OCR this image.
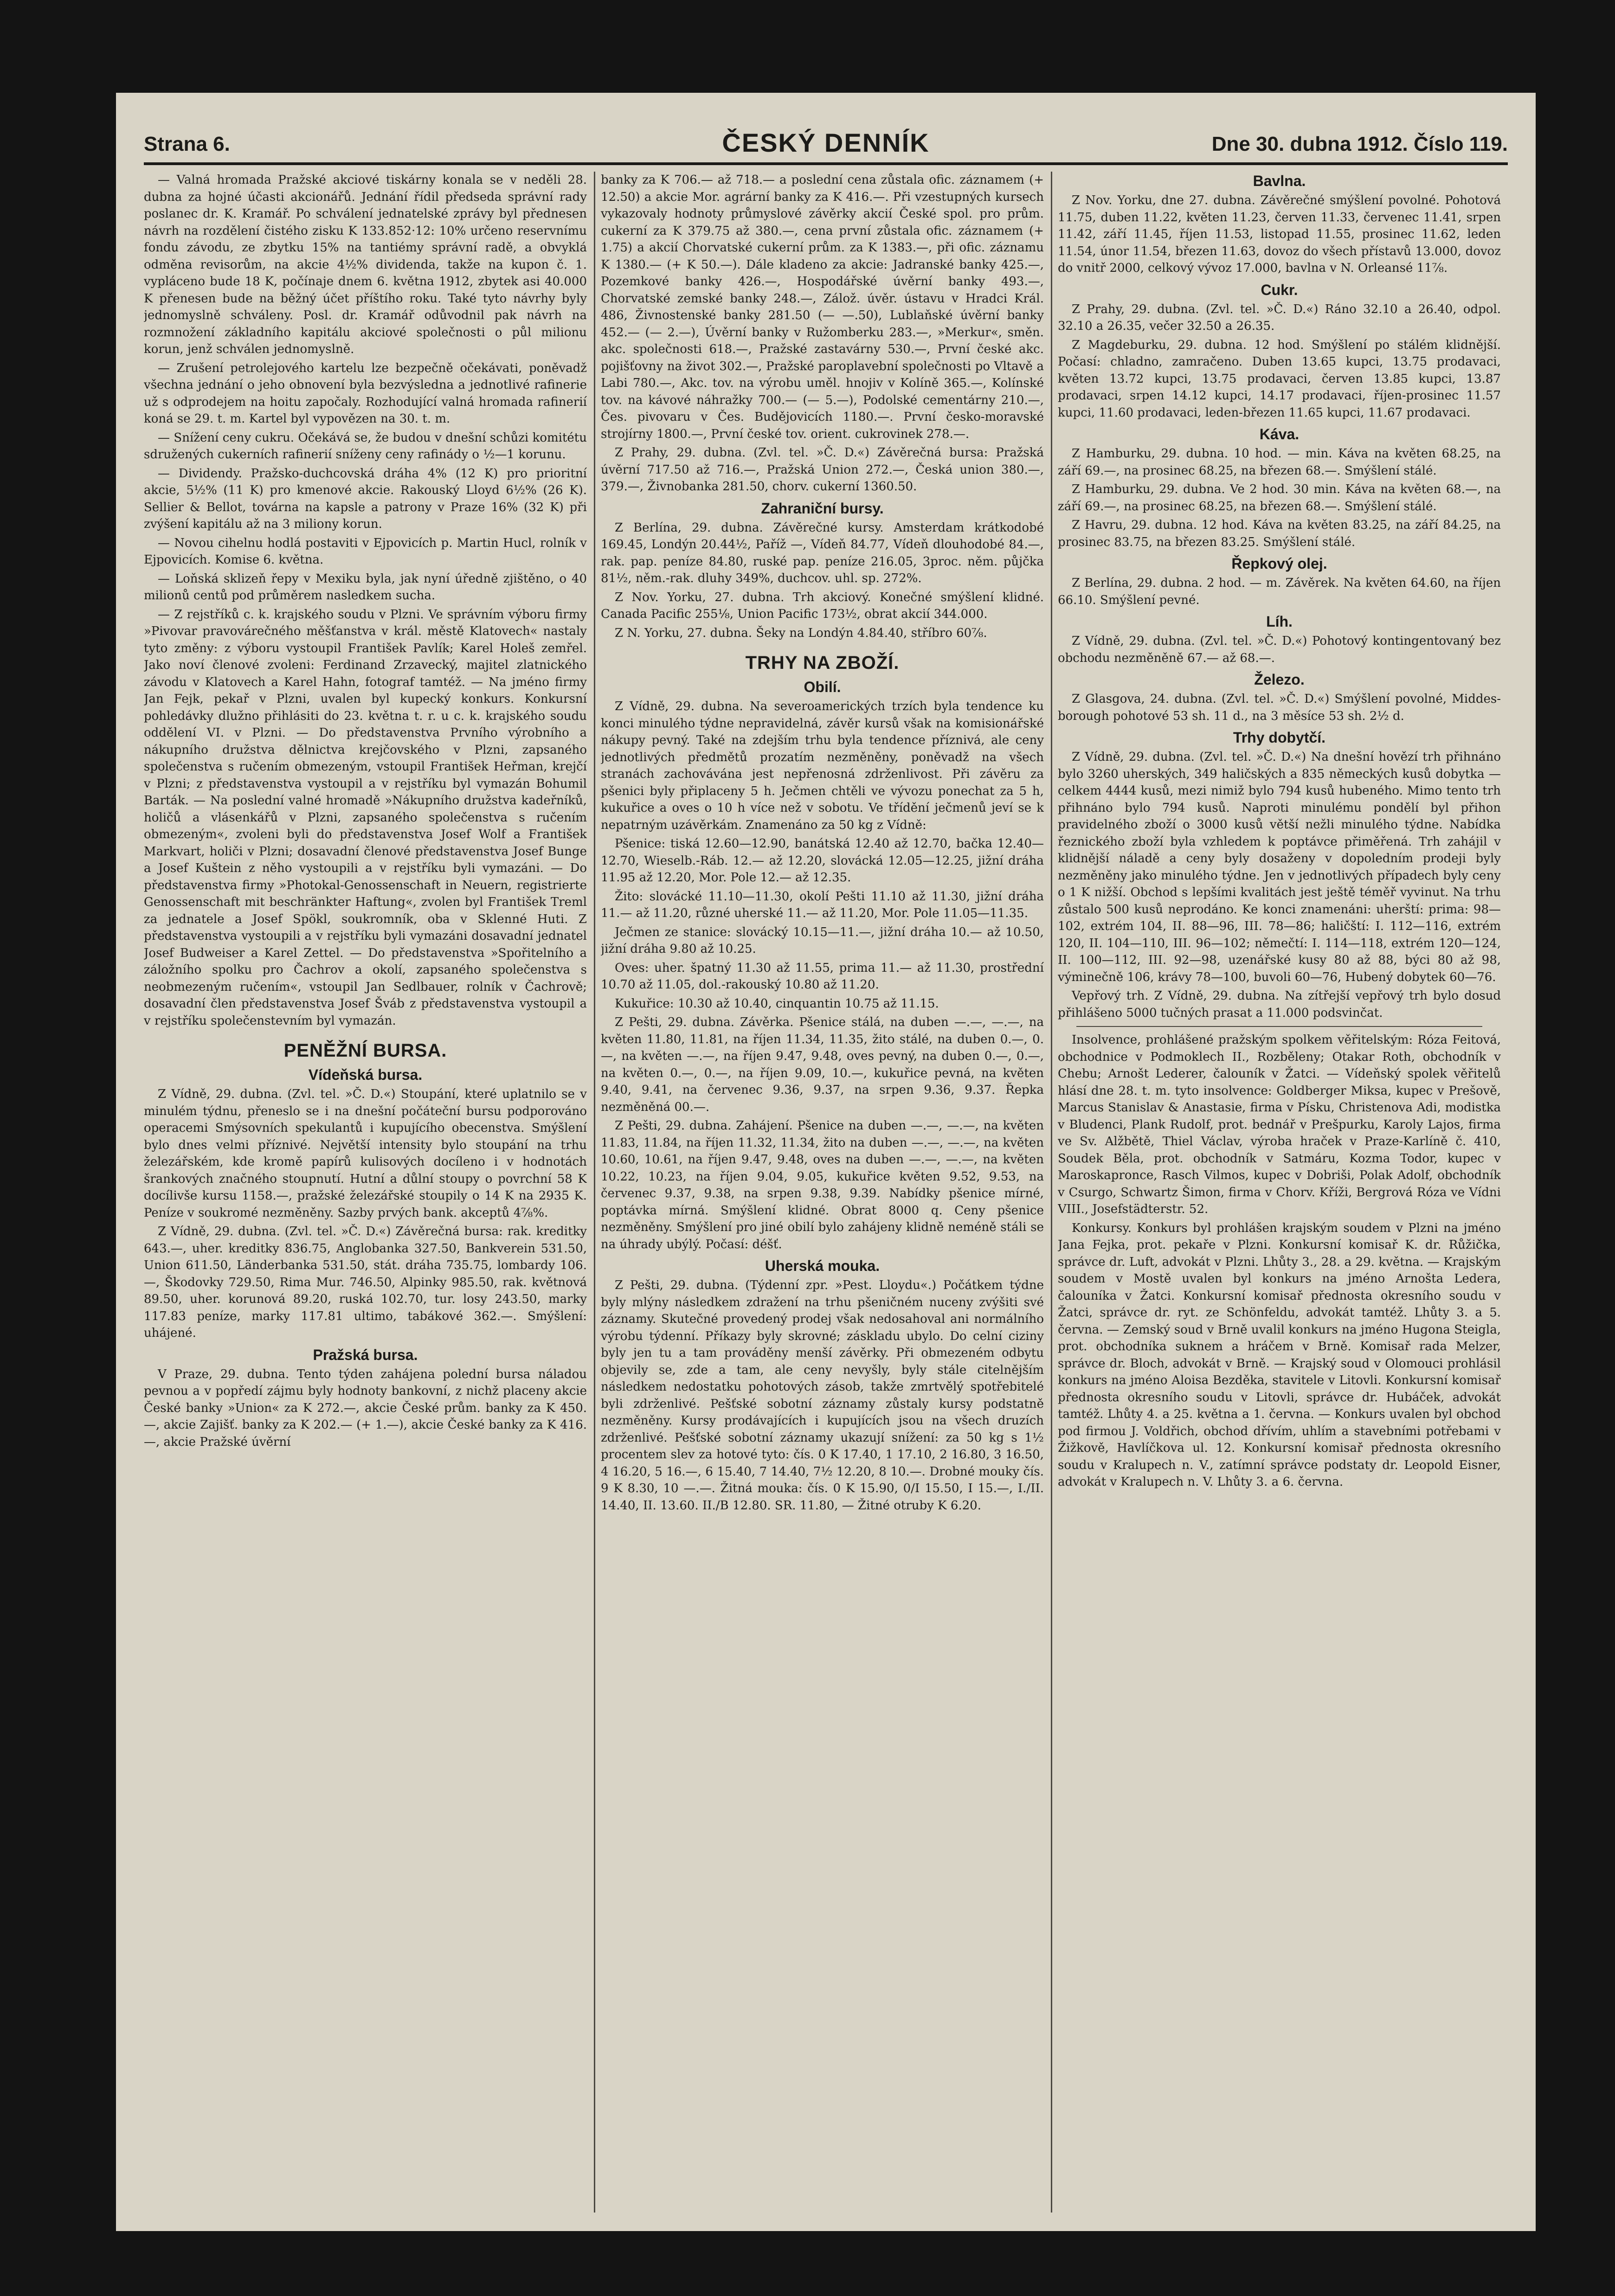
Strana 6.	ČESKÝ DENNÍK	Dne 30. dubna 1912. Číslo 119.

— Valná hromada Pražské akciové tiskárny konala se v neděli 28. dubna za hojné účasti akcionářů. Jednání řídil předseda správní rady poslanec dr. K. Kramář. Po schválení jednatelské zprávy byl přednesen návrh na rozdělení čistého zisku K 133.852·12: 10% určeno reservnímu fondu závodu, ze zbytku 15% na tantiémy správní radě, a obvyklá odměna revisorům, na akcie 4½% dividenda, takže na kupon č. 1. vypláceno bude 18 K, počínaje dnem 6. května 1912, zbytek asi 40.000 K přenesen bude na běžný účet příštího roku. Také tyto návrhy byly jednomyslně schváleny. Posl. dr. Kramář odůvodnil pak návrh na rozmnožení základního kapitálu akciové společnosti o půl milionu korun, jenž schválen jednomyslně.

— Zrušení petrolejového kartelu lze bezpečně očekávati, poněvadž všechna jednání o jeho obnovení byla bezvýsledna a jednotlivé rafinerie už s odprodejem na hoitu započaly. Rozhodující valná hromada rafinerií koná se 29. t. m. Kartel byl vypovězen na 30. t. m.

— Snížení ceny cukru. Očekává se, že budou v dnešní schůzi komitétu sdružených cukerních rafinerií sníženy ceny rafinády o ½—1 korunu.

— Dividendy. Pražsko-duchcovská dráha 4% (12 K) pro prioritní akcie, 5½% (11 K) pro kmenové akcie. Rakouský Lloyd 6½% (26 K). Sellier & Bellot, továrna na kapsle a patrony v Praze 16% (32 K) při zvýšení kapitálu až na 3 miliony korun.

— Novou cihelnu hodlá postaviti v Ejpovicích p. Martin Hucl, rolník v Ejpovicích. Komise 6. května.

— Loňská sklizeň řepy v Mexiku byla, jak nyní úředně zjištěno, o 40 milionů centů pod průměrem nasledkem sucha.

— Z rejstříků c. k. krajského soudu v Plzni. Ve správním výboru firmy »Pivovar pravovárečného měšťanstva v král. městě Klatovech« nastaly tyto změny: z výboru vystoupil František Pavlík; Karel Holeš zemřel. Jako noví členové zvoleni: Ferdinand Zrzavecký, majitel zlatnického závodu v Klatovech a Karel Hahn, fotograf tamtéž. — Na jméno firmy Jan Fejk, pekař v Plzni, uvalen byl kupecký konkurs. Konkursní pohledávky dlužno přihlásiti do 23. května t. r. u c. k. krajského soudu oddělení VI. v Plzni. — Do představenstva Prvního výrobního a nákupního družstva dělnictva krejčovského v Plzni, zapsaného společenstva s ručením obmezeným, vstoupil František Heřman, krejčí v Plzni; z představenstva vystoupil a v rejstříku byl vymazán Bohumil Barták. — Na poslední valné hromadě »Nákupního družstva kadeřníků, holičů a vlásenkářů v Plzni, zapsaného společenstva s ručením obmezeným«, zvoleni byli do představenstva Josef Wolf a František Markvart, holiči v Plzni; dosavadní členové představenstva Josef Bunge a Josef Kuštein z něho vystoupili a v rejstříku byli vymazáni. — Do představenstva firmy »Photokal-Genossenschaft in Neuern, registrierte Genossenschaft mit beschränkter Haftung«, zvolen byl František Treml za jednatele a Josef Spökl, soukromník, oba v Sklenné Huti. Z představenstva vystoupili a v rejstříku byli vymazáni dosavadní jednatel Josef Budweiser a Karel Zettel. — Do představenstva »Spořitelního a záložního spolku pro Čachrov a okolí, zapsaného společenstva s neobmezeným ručením«, vstoupil Jan Sedlbauer, rolník v Čachrově; dosavadní člen představenstva Josef Šváb z představenstva vystoupil a v rejstříku společenstevním byl vymazán.

PENĚŽNÍ BURSA.
Vídeňská bursa.

Z Vídně, 29. dubna. (Zvl. tel. »Č. D.«) Stoupání, které uplatnilo se v minulém týdnu, přeneslo se i na dnešní počáteční bursu podporováno operacemi Smýsovních spekulantů i kupujícího obecenstva. Smýšlení bylo dnes velmi příznivé. Největší intensity bylo stoupání na trhu železářském, kde kromě papírů kulisových docíleno i v hodnotách šrankových značného stoupnutí. Hutní a důlní stoupy o povrchní 58 K docílivše kursu 1158.—, pražské železářské stoupily o 14 K na 2935 K. Peníze v soukromé nezměněny. Sazby prvých bank. akceptů 4⅞%.

Z Vídně, 29. dubna. (Zvl. tel. »Č. D.«) Závěrečná bursa: rak. kreditky 643.—, uher. kreditky 836.75, Anglobanka 327.50, Bankverein 531.50, Union 611.50, Länderbanka 531.50, stát. dráha 735.75, lombardy 106.—, Škodovky 729.50, Rima Mur. 746.50, Alpinky 985.50, rak. květnová 89.50, uher. korunová 89.20, ruská 102.70, tur. losy 243.50, marky 117.83 peníze, marky 117.81 ultimo, tabákové 362.—. Smýšlení: uhájené.

Pražská bursa.

V Praze, 29. dubna. Tento týden zahájena polední bursa náladou pevnou a v popředí zájmu byly hodnoty bankovní, z nichž placeny akcie České banky »Union« za K 272.—, akcie České prům. banky za K 450.—, akcie Zajišť. banky za K 202.— (+ 1.—), akcie České banky za K 416.—, akcie Pražské úvěrní

banky za K 706.— až 718.— a poslední cena zůstala ofic. záznamem (+ 12.50) a akcie Mor. agrární banky za K 416.—. Při vzestupných kursech vykazovaly hodnoty průmyslové závěrky akcií České spol. pro prům. cukerní za K 379.75 až 380.—, cena první zůstala ofic. záznamem (+ 1.75) a akcií Chorvatské cukerní prům. za K 1383.—, při ofic. záznamu K 1380.— (+ K 50.—). Dále kladeno za akcie: Jadranské banky 425.—, Pozemkové banky 426.—, Hospodářské úvěrní banky 493.—, Chorvatské zemské banky 248.—, Zálož. úvěr. ústavu v Hradci Král. 486, Živnostenské banky 281.50 (— —.50), Lublaňské úvěrní banky 452.— (— 2.—), Úvěrní banky v Ružomberku 283.—, »Merkur«, směn. akc. společnosti 618.—, Pražské zastavárny 530.—, První české akc. pojišťovny na život 302.—, Pražské paroplavební společnosti po Vltavě a Labi 780.—, Akc. tov. na výrobu uměl. hnojiv v Kolíně 365.—, Kolínské tov. na kávové náhražky 700.— (— 5.—), Podolské cementárny 210.—, Čes. pivovaru v Čes. Budějovicích 1180.—. První česko-moravské strojírny 1800.—, První české tov. orient. cukrovinek 278.—.

Z Prahy, 29. dubna. (Zvl. tel. »Č. D.«) Závěrečná bursa: Pražská úvěrní 717.50 až 716.—, Pražská Union 272.—, Česká union 380.—, 379.—, Živnobanka 281.50, chorv. cukerní 1360.50.

Zahraniční bursy.

Z Berlína, 29. dubna. Závěrečné kursy. Amsterdam krátkodobé 169.45, Londýn 20.44½, Paříž —, Vídeň 84.77, Vídeň dlouhodobé 84.—, rak. pap. peníze 84.80, ruské pap. peníze 216.05, 3proc. něm. půjčka 81½, něm.-rak. dluhy 349%, duchcov. uhl. sp. 272%.

Z Nov. Yorku, 27. dubna. Trh akciový. Konečné smýšlení klidné. Canada Pacific 255⅛, Union Pacific 173½, obrat akcií 344.000.

Z N. Yorku, 27. dubna. Šeky na Londýn 4.84.40, stříbro 60⅞.

TRHY NA ZBOŽÍ.
Obilí.

Z Vídně, 29. dubna. Na severoamerických trzích byla tendence ku konci minulého týdne nepravidelná, závěr kursů však na komisionářské nákupy pevný. Také na zdejším trhu byla tendence příznivá, ale ceny jednotlivých předmětů prozatím nezměněny, poněvadž na všech stranách zachovávána jest nepřenosná zdrženlivost. Při závěru za pšenici byly připlaceny 5 h. Ječmen chtěli ve vývozu ponechat za 5 h, kukuřice a oves o 10 h více než v sobotu. Ve třídění ječmenů jeví se k nepatrným uzávěrkám. Znamenáno za 50 kg z Vídně:

Pšenice: tiská 12.60—12.90, banátská 12.40 až 12.70, bačka 12.40—12.70, Wieselb.-Ráb. 12.— až 12.20, slovácká 12.05—12.25, jižní dráha 11.95 až 12.20, Mor. Pole 12.— až 12.35.

Žito: slovácké 11.10—11.30, okolí Pešti 11.10 až 11.30, jižní dráha 11.— až 11.20, různé uherské 11.— až 11.20, Mor. Pole 11.05—11.35.

Ječmen ze stanice: slovácký 10.15—11.—, jižní dráha 10.— až 10.50, jižní dráha 9.80 až 10.25.

Oves: uher. špatný 11.30 až 11.55, prima 11.— až 11.30, prostřední 10.70 až 11.05, dol.-rakouský 10.80 až 11.20.

Kukuřice: 10.30 až 10.40, cinquantin 10.75 až 11.15.

Z Pešti, 29. dubna. Závěrka. Pšenice stálá, na duben —.—, —.—, na květen 11.80, 11.81, na říjen 11.34, 11.35, žito stálé, na duben 0.—, 0.—, na květen —.—, na říjen 9.47, 9.48, oves pevný, na duben 0.—, 0.—, na květen 0.—, 0.—, na říjen 9.09, 10.—, kukuřice pevná, na květen 9.40, 9.41, na červenec 9.36, 9.37, na srpen 9.36, 9.37. Řepka nezměněná 00.—.

Z Pešti, 29. dubna. Zahájení. Pšenice na duben —.—, —.—, na květen 11.83, 11.84, na říjen 11.32, 11.34, žito na duben —.—, —.—, na květen 10.60, 10.61, na říjen 9.47, 9.48, oves na duben —.—, —.—, na květen 10.22, 10.23, na říjen 9.04, 9.05, kukuřice květen 9.52, 9.53, na červenec 9.37, 9.38, na srpen 9.38, 9.39. Nabídky pšenice mírné, poptávka mírná. Smýšlení klidné. Obrat 8000 q. Ceny pšenice nezměněny. Smýšlení pro jiné obilí bylo zahájeny klidně neméně stáli se na úhrady ubýlý. Počasí: déšť.

Uherská mouka.

Z Pešti, 29. dubna. (Týdenní zpr. »Pest. Lloydu«.) Počátkem týdne byly mlýny následkem zdražení na trhu pšeničném nuceny zvýšiti své záznamy. Skutečné provedený prodej však nedosahoval ani normálního výrobu týdenní. Příkazy byly skrovné; záskladu ubylo. Do celní ciziny byly jen tu a tam prováděny menší závěrky. Při obmezeném odbytu objevily se, zde a tam, ale ceny nevyšly, byly stále citelnějším následkem nedostatku pohotových zásob, takže zmrtvělý spotřebitelé byli zdrženlivé. Pešťské sobotní záznamy zůstaly kursy podstatně nezměněny. Kursy prodávajících i kupujících jsou na všech druzích zdrženlivé. Pešťské sobotní záznamy ukazují snížení: za 50 kg s 1½ procentem slev za hotové tyto: čís. 0 K 17.40, 1 17.10, 2 16.80, 3 16.50, 4 16.20, 5 16.—, 6 15.40, 7 14.40, 7½ 12.20, 8 10.—. Drobné mouky čís. 9 K 8.30, 10 —.—. Žitná mouka: čís. 0 K 15.90, 0/I 15.50, I 15.—, I./II. 14.40, II. 13.60. II./B 12.80. SR. 11.80, — Žitné otruby K 6.20.

Bavlna.

Z Nov. Yorku, dne 27. dubna. Závěrečné smýšlení povolné. Pohotová 11.75, duben 11.22, květen 11.23, červen 11.33, červenec 11.41, srpen 11.42, září 11.45, říjen 11.53, listopad 11.55, prosinec 11.62, leden 11.54, únor 11.54, březen 11.63, dovoz do všech přístavů 13.000, dovoz do vnitř 2000, celkový vývoz 17.000, bavlna v N. Orleansé 11⅞.

Cukr.

Z Prahy, 29. dubna. (Zvl. tel. »Č. D.«) Ráno 32.10 a 26.40, odpol. 32.10 a 26.35, večer 32.50 a 26.35.

Z Magdeburku, 29. dubna. 12 hod. Smýšlení po stálém klidnější. Počasí: chladno, zamračeno. Duben 13.65 kupci, 13.75 prodavaci, květen 13.72 kupci, 13.75 prodavaci, červen 13.85 kupci, 13.87 prodavaci, srpen 14.12 kupci, 14.17 prodavaci, říjen-prosinec 11.57 kupci, 11.60 prodavaci, leden-březen 11.65 kupci, 11.67 prodavaci.

Káva.

Z Hamburku, 29. dubna. 10 hod. — min. Káva na květen 68.25, na září 69.—, na prosinec 68.25, na březen 68.—. Smýšlení stálé.

Z Hamburku, 29. dubna. Ve 2 hod. 30 min. Káva na květen 68.—, na září 69.—, na prosinec 68.25, na březen 68.—. Smýšlení stálé.

Z Havru, 29. dubna. 12 hod. Káva na květen 83.25, na září 84.25, na prosinec 83.75, na březen 83.25. Smýšlení stálé.

Řepkový olej.

Z Berlína, 29. dubna. 2 hod. — m. Závěrek. Na květen 64.60, na říjen 66.10. Smýšlení pevné.

Líh.

Z Vídně, 29. dubna. (Zvl. tel. »Č. D.«) Pohotový kontingentovaný bez obchodu nezměněně 67.— až 68.—.

Železo.

Z Glasgova, 24. dubna. (Zvl. tel. »Č. D.«) Smýšlení povolné, Middes-borough pohotové 53 sh. 11 d., na 3 měsíce 53 sh. 2½ d.

Trhy dobytčí.

Z Vídně, 29. dubna. (Zvl. tel. »Č. D.«) Na dnešní hovězí trh přihnáno bylo 3260 uherských, 349 haličských a 835 německých kusů dobytka — celkem 4444 kusů, mezi nimiž bylo 794 kusů hubeného. Mimo tento trh přihnáno bylo 794 kusů. Naproti minulému pondělí byl přihon pravidelného zboží o 3000 kusů větší nežli minulého týdne. Nabídka řeznického zboží byla vzhledem k poptávce přiměřená. Trh zahájil v klidnější náladě a ceny byly dosaženy v dopoledním prodeji byly nezměněny jako minulého týdne. Jen v jednotlivých případech byly ceny o 1 K nižší. Obchod s lepšími kvalitách jest ještě téměř vyvinut. Na trhu zůstalo 500 kusů neprodáno. Ke konci znamenáni: uherští: prima: 98—102, extrém 104, II. 88—96, III. 78—86; haličští: I. 112—116, extrém 120, II. 104—110, III. 96—102; němečtí: I. 114—118, extrém 120—124, II. 100—112, III. 92—98, uzenářské kusy 80 až 88, býci 80 až 98, výminečně 106, krávy 78—100, buvoli 60—76, Hubený dobytek 60—76.

Vepřový trh. Z Vídně, 29. dubna. Na zítřejší vepřový trh bylo dosud přihlášeno 5000 tučných prasat a 11.000 podsvinčat.

Insolvence, prohlášené pražským spolkem věřitelským: Róza Feitová, obchodnice v Podmoklech II., Rozběleny; Otakar Roth, obchodník v Chebu; Arnošt Lederer, čalouník v Žatci. — Vídeňský spolek věřitelů hlásí dne 28. t. m. tyto insolvence: Goldberger Miksa, kupec v Prešově, Marcus Stanislav & Anastasie, firma v Písku, Christenova Adi, modistka v Bludenci, Plank Rudolf, prot. bednář v Prešpurku, Karoly Lajos, firma ve Sv. Alžbětě, Thiel Václav, výroba hraček v Praze-Karlíně č. 410, Soudek Běla, prot. obchodník v Satmáru, Kozma Todor, kupec v Maroskapronce, Rasch Vilmos, kupec v Dobriši, Polak Adolf, obchodník v Csurgo, Schwartz Šimon, firma v Chorv. Kříži, Bergrová Róza ve Vídni VIII., Josefstädterstr. 52.

Konkursy. Konkurs byl prohlášen krajským soudem v Plzni na jméno Jana Fejka, prot. pekaře v Plzni. Konkursní komisař K. dr. Růžička, správce dr. Luft, advokát v Plzni. Lhůty 3., 28. a 29. května. — Krajským soudem v Mostě uvalen byl konkurs na jméno Arnošta Ledera, čalouníka v Žatci. Konkursní komisař přednosta okresního soudu v Žatci, správce dr. ryt. ze Schönfeldu, advokát tamtéž. Lhůty 3. a 5. června. — Zemský soud v Brně uvalil konkurs na jméno Hugona Steigla, prot. obchodníka suknem a hráčem v Brně. Komisař rada Melzer, správce dr. Bloch, advokát v Brně. — Krajský soud v Olomouci prohlásil konkurs na jméno Aloisa Bezděka, stavitele v Litovli. Konkursní komisař přednosta okresního soudu v Litovli, správce dr. Hubáček, advokát tamtéž. Lhůty 4. a 25. května a 1. června. — Konkurs uvalen byl obchod pod firmou J. Voldřich, obchod dřívím, uhlím a stavebními potřebami v Žižkově, Havlíčkova ul. 12. Konkursní komisař přednosta okresního soudu v Kralupech n. V., zatímní správce podstaty dr. Leopold Eisner, advokát v Kralupech n. V. Lhůty 3. a 6. června.
